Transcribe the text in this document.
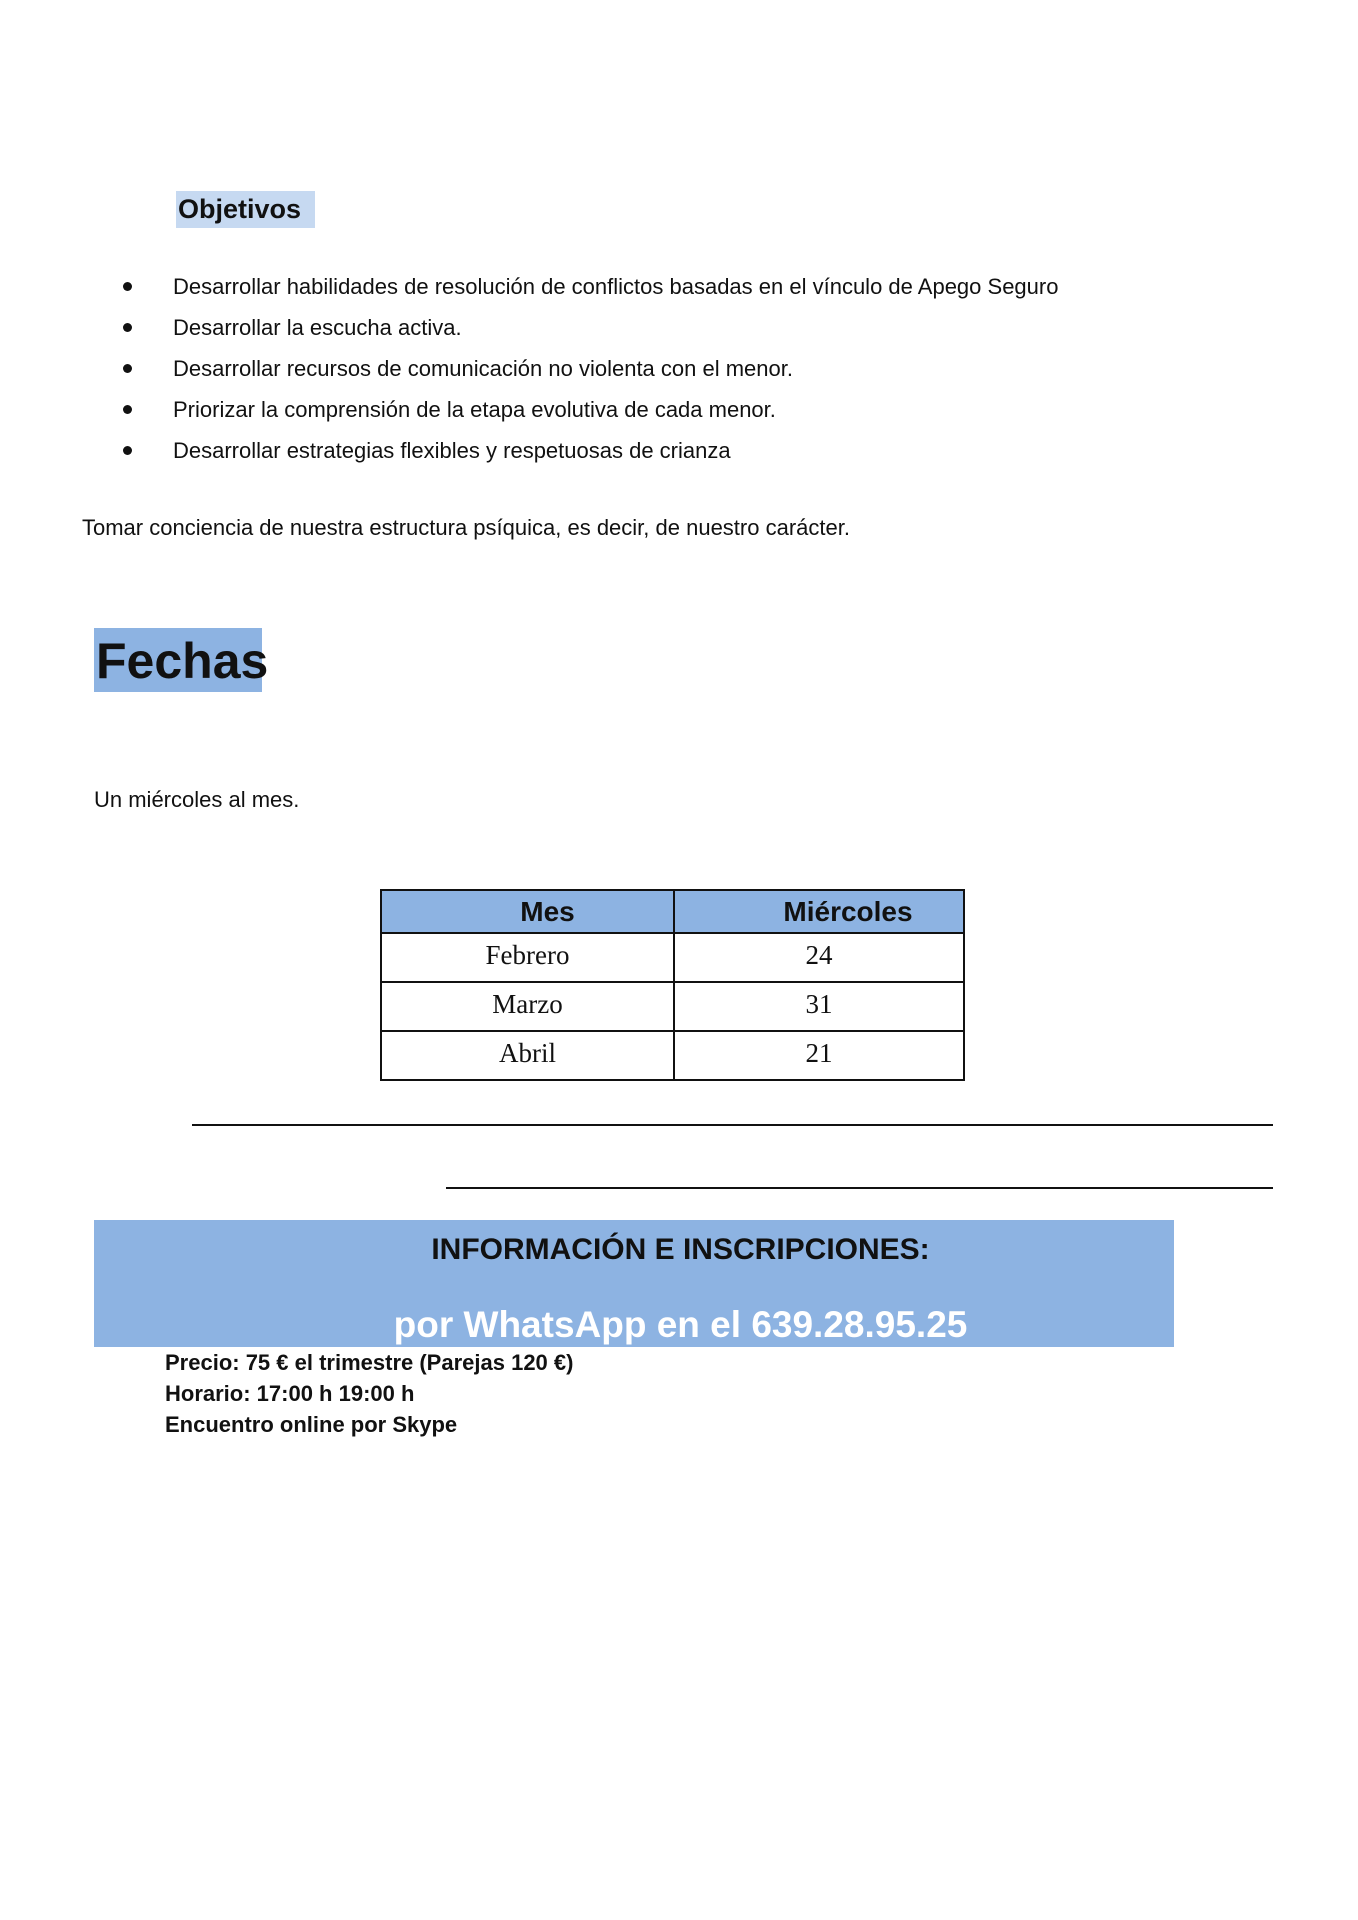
Objetivos
Desarrollar habilidades de resolución de conflictos basadas en el vínculo de Apego Seguro
Desarrollar la escucha activa.
Desarrollar recursos de comunicación no violenta con el menor.
Priorizar la comprensión de la etapa evolutiva de cada menor.
Desarrollar estrategias flexibles y respetuosas de crianza
Tomar conciencia de nuestra estructura psíquica, es decir, de nuestro carácter.
Fechas
Un miércoles al mes.
Mes	Miércoles
Febrero	24
Marzo	31
Abril	21
INFORMACIÓN E INSCRIPCIONES:
por WhatsApp en el 639.28.95.25
Precio: 75 € el trimestre (Parejas 120 €)
Horario: 17:00 h 19:00 h
Encuentro online por Skype
